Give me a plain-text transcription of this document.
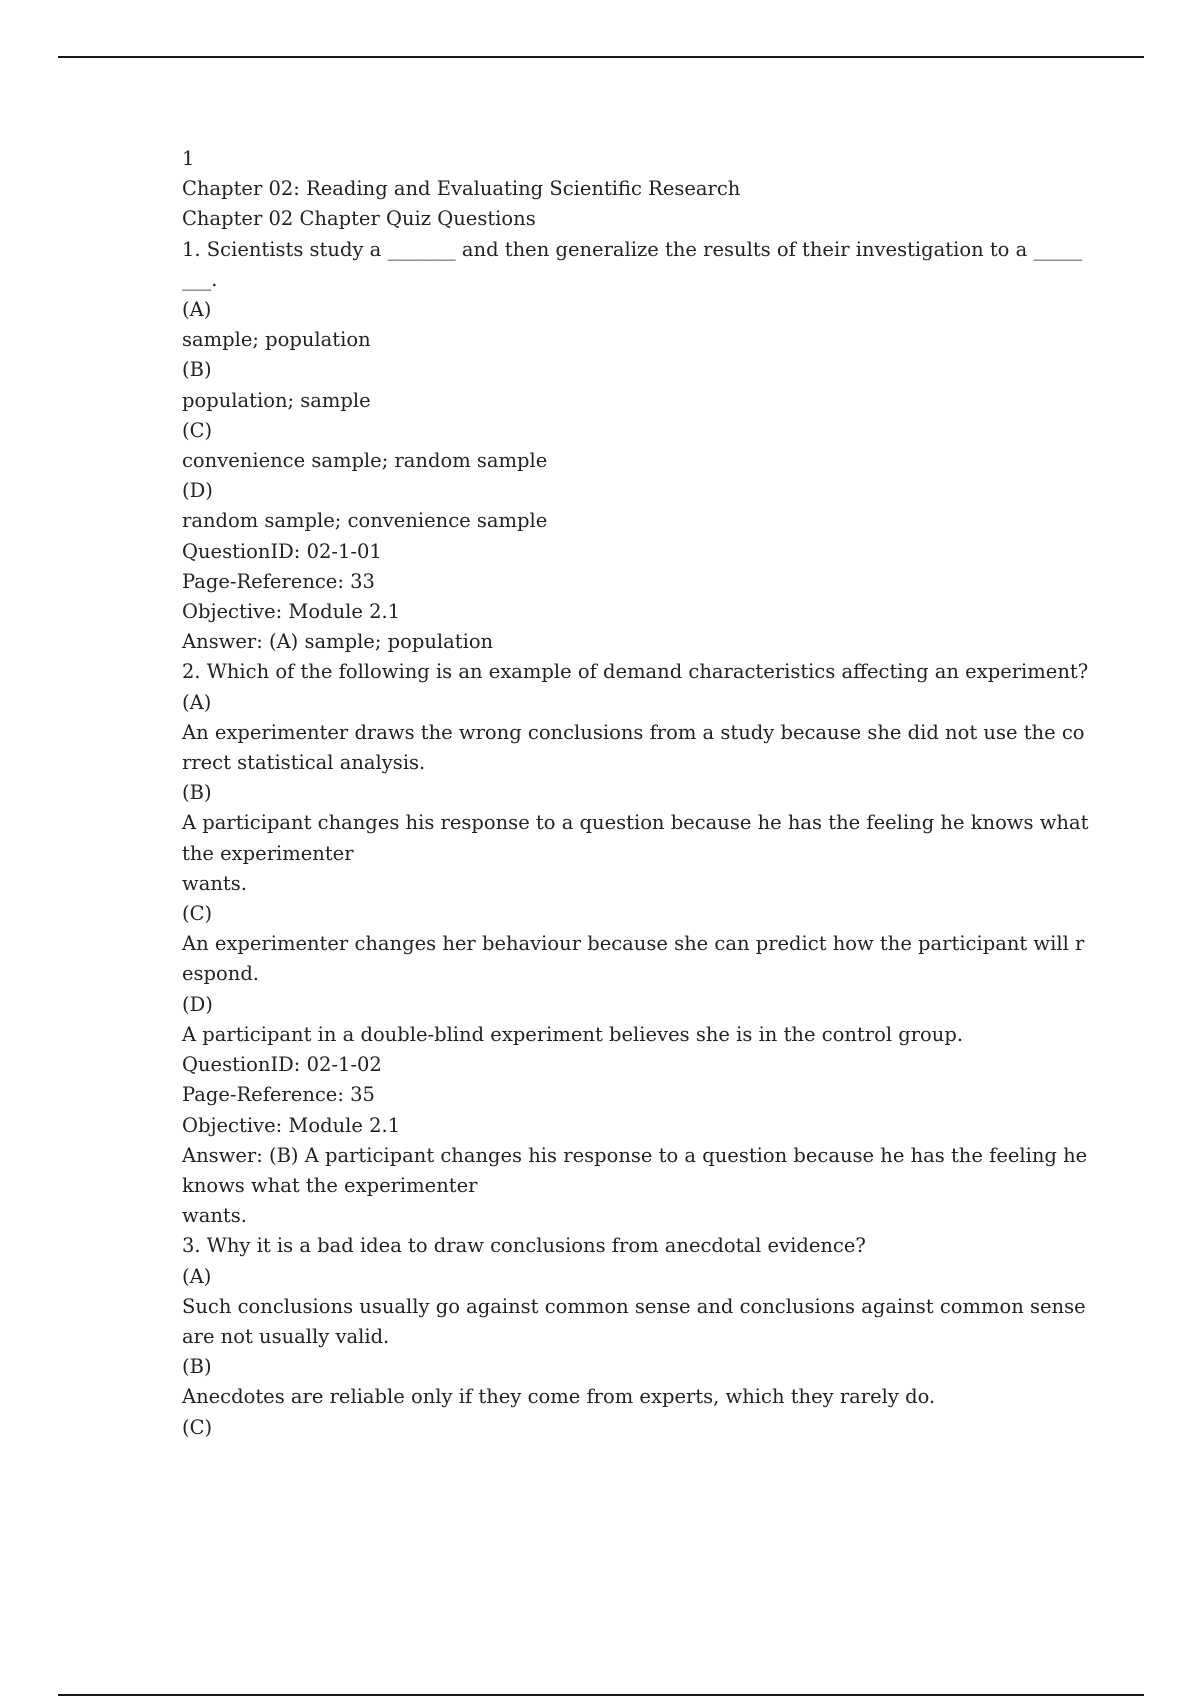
1
Chapter 02: Reading and Evaluating Scientific Research
Chapter 02 Chapter Quiz Questions
1. Scientists study a _______ and then generalize the results of their investigation to a _____
___.
(A)
sample; population
(B)
population; sample
(C)
convenience sample; random sample
(D)
random sample; convenience sample
QuestionID: 02-1-01
Page-Reference: 33
Objective: Module 2.1
Answer: (A) sample; population
2. Which of the following is an example of demand characteristics affecting an experiment?
(A)
An experimenter draws the wrong conclusions from a study because she did not use the co
rrect statistical analysis.
(B)
A participant changes his response to a question because he has the feeling he knows what
the experimenter
wants.
(C)
An experimenter changes her behaviour because she can predict how the participant will r
espond.
(D)
A participant in a double-blind experiment believes she is in the control group.
QuestionID: 02-1-02
Page-Reference: 35
Objective: Module 2.1
Answer: (B) A participant changes his response to a question because he has the feeling he
knows what the experimenter
wants.
3. Why it is a bad idea to draw conclusions from anecdotal evidence?
(A)
Such conclusions usually go against common sense and conclusions against common sense
are not usually valid.
(B)
Anecdotes are reliable only if they come from experts, which they rarely do.
(C)
